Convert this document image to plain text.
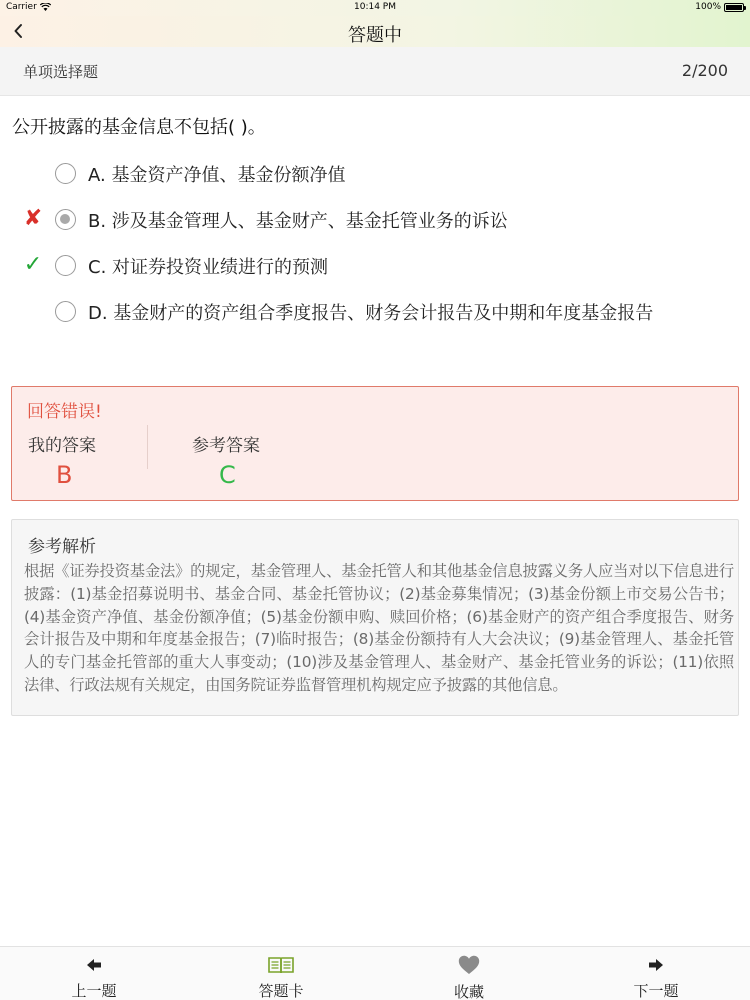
Carrier	10:14 PM	100%
答题中
单项选择题	2/200
公开披露的基金信息不包括( )。
A. 基金资产净值、基金份额净值
✘	B. 涉及基金管理人、基金财产、基金托管业务的诉讼
✓	C. 对证券投资业绩进行的预测
D. 基金财产的资产组合季度报告、财务会计报告及中期和年度基金报告
回答错误!
我的答案	参考答案
B	C
参考解析
根据《证券投资基金法》的规定，基金管理人、基金托管人和其他基金信息披露义务人应当对以下信息进行披露：(1)基金招募说明书、基金合同、基金托管协议；(2)基金募集情况；(3)基金份额上市交易公告书；(4)基金资产净值、基金份额净值；(5)基金份额申购、赎回价格；(6)基金财产的资产组合季度报告、财务会计报告及中期和年度基金报告；(7)临时报告；(8)基金份额持有人大会决议；(9)基金管理人、基金托管人的专门基金托管部的重大人事变动；(10)涉及基金管理人、基金财产、基金托管业务的诉讼；(11)依照法律、行政法规有关规定，由国务院证券监督管理机构规定应予披露的其他信息。
上一题	答题卡	收藏	下一题
